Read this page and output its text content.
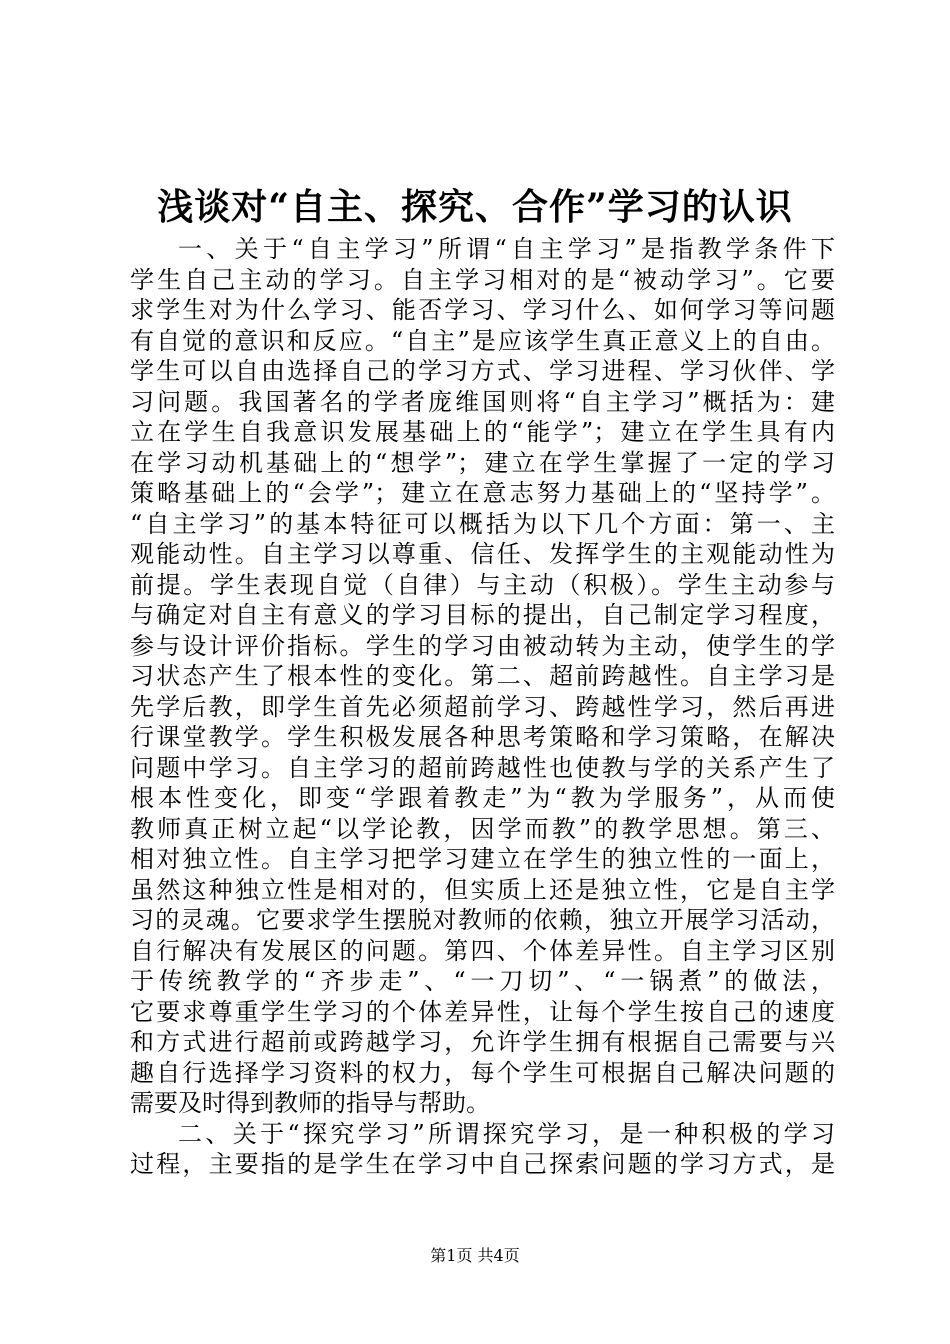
浅谈对“自主、探究、合作”学习的认识
一、关于“自主学习”所谓“自主学习”是指教学条件下
学生自己主动的学习。自主学习相对的是“被动学习”。它要
求学生对为什么学习、能否学习、学习什么、如何学习等问题
有自觉的意识和反应。“自主”是应该学生真正意义上的自由。
学生可以自由选择自己的学习方式、学习进程、学习伙伴、学
习问题。我国著名的学者庞维国则将“自主学习”概括为：建
立在学生自我意识发展基础上的“能学”；建立在学生具有内
在学习动机基础上的“想学”；建立在学生掌握了一定的学习
策略基础上的“会学”；建立在意志努力基础上的“坚持学”。
“自主学习”的基本特征可以概括为以下几个方面：第一、主
观能动性。自主学习以尊重、信任、发挥学生的主观能动性为
前提。学生表现自觉（自律）与主动（积极）。学生主动参与
与确定对自主有意义的学习目标的提出，自己制定学习程度，
参与设计评价指标。学生的学习由被动转为主动，使学生的学
习状态产生了根本性的变化。第二、超前跨越性。自主学习是
先学后教，即学生首先必须超前学习、跨越性学习，然后再进
行课堂教学。学生积极发展各种思考策略和学习策略，在解决
问题中学习。自主学习的超前跨越性也使教与学的关系产生了
根本性变化，即变“学跟着教走”为“教为学服务”，从而使
教师真正树立起“以学论教，因学而教”的教学思想。第三、
相对独立性。自主学习把学习建立在学生的独立性的一面上，
虽然这种独立性是相对的，但实质上还是独立性，它是自主学
习的灵魂。它要求学生摆脱对教师的依赖，独立开展学习活动，
自行解决有发展区的问题。第四、个体差异性。自主学习区别
于传统教学的“齐步走”、“一刀切”、“一锅煮”的做法，
它要求尊重学生学习的个体差异性，让每个学生按自己的速度
和方式进行超前或跨越学习，允许学生拥有根据自己需要与兴
趣自行选择学习资料的权力，每个学生可根据自己解决问题的
需要及时得到教师的指导与帮助。
二、关于“探究学习”所谓探究学习，是一种积极的学习
过程，主要指的是学生在学习中自己探索问题的学习方式，是
第1页 共4页
